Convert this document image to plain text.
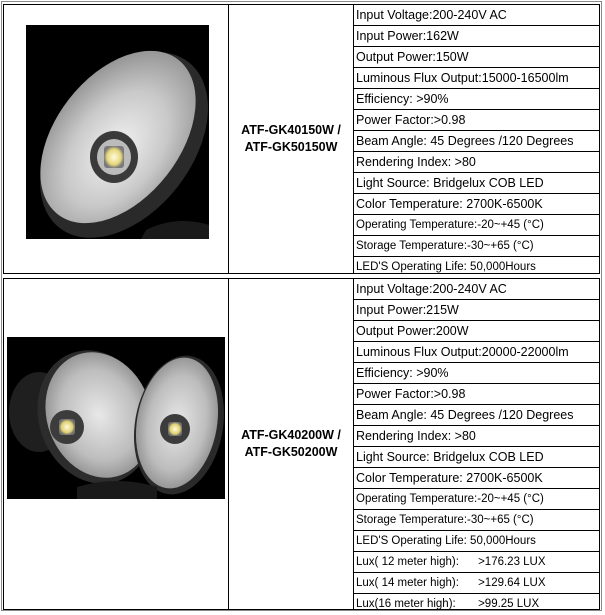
ATF-GK40150W /
ATF-GK50150W
Input Voltage:200-240V AC
Input Power:162W
Output Power:150W
Luminous Flux Output:15000-16500lm
Efficiency: >90%
Power Factor:>0.98
Beam Angle: 45 Degrees /120 Degrees
Rendering Index: >80
Light Source: Bridgelux COB LED
Color Temperature: 2700K-6500K
Operating Temperature:-20~+45 (°C)
Storage Temperature:-30~+65 (°C)
LED'S Operating Life: 50,000Hours
ATF-GK40200W /
ATF-GK50200W
Input Voltage:200-240V AC
Input Power:215W
Output Power:200W
Luminous Flux Output:20000-22000lm
Efficiency: >90%
Power Factor:>0.98
Beam Angle: 45 Degrees /120 Degrees
Rendering Index: >80
Light Source: Bridgelux COB LED
Color Temperature: 2700K-6500K
Operating Temperature:-20~+45 (°C)
Storage Temperature:-30~+65 (°C)
LED'S Operating Life: 50,000Hours
Lux( 12 meter high):      >176.23 LUX
Lux( 14 meter high):      >129.64 LUX
Lux(16 meter high):       >99.25 LUX
